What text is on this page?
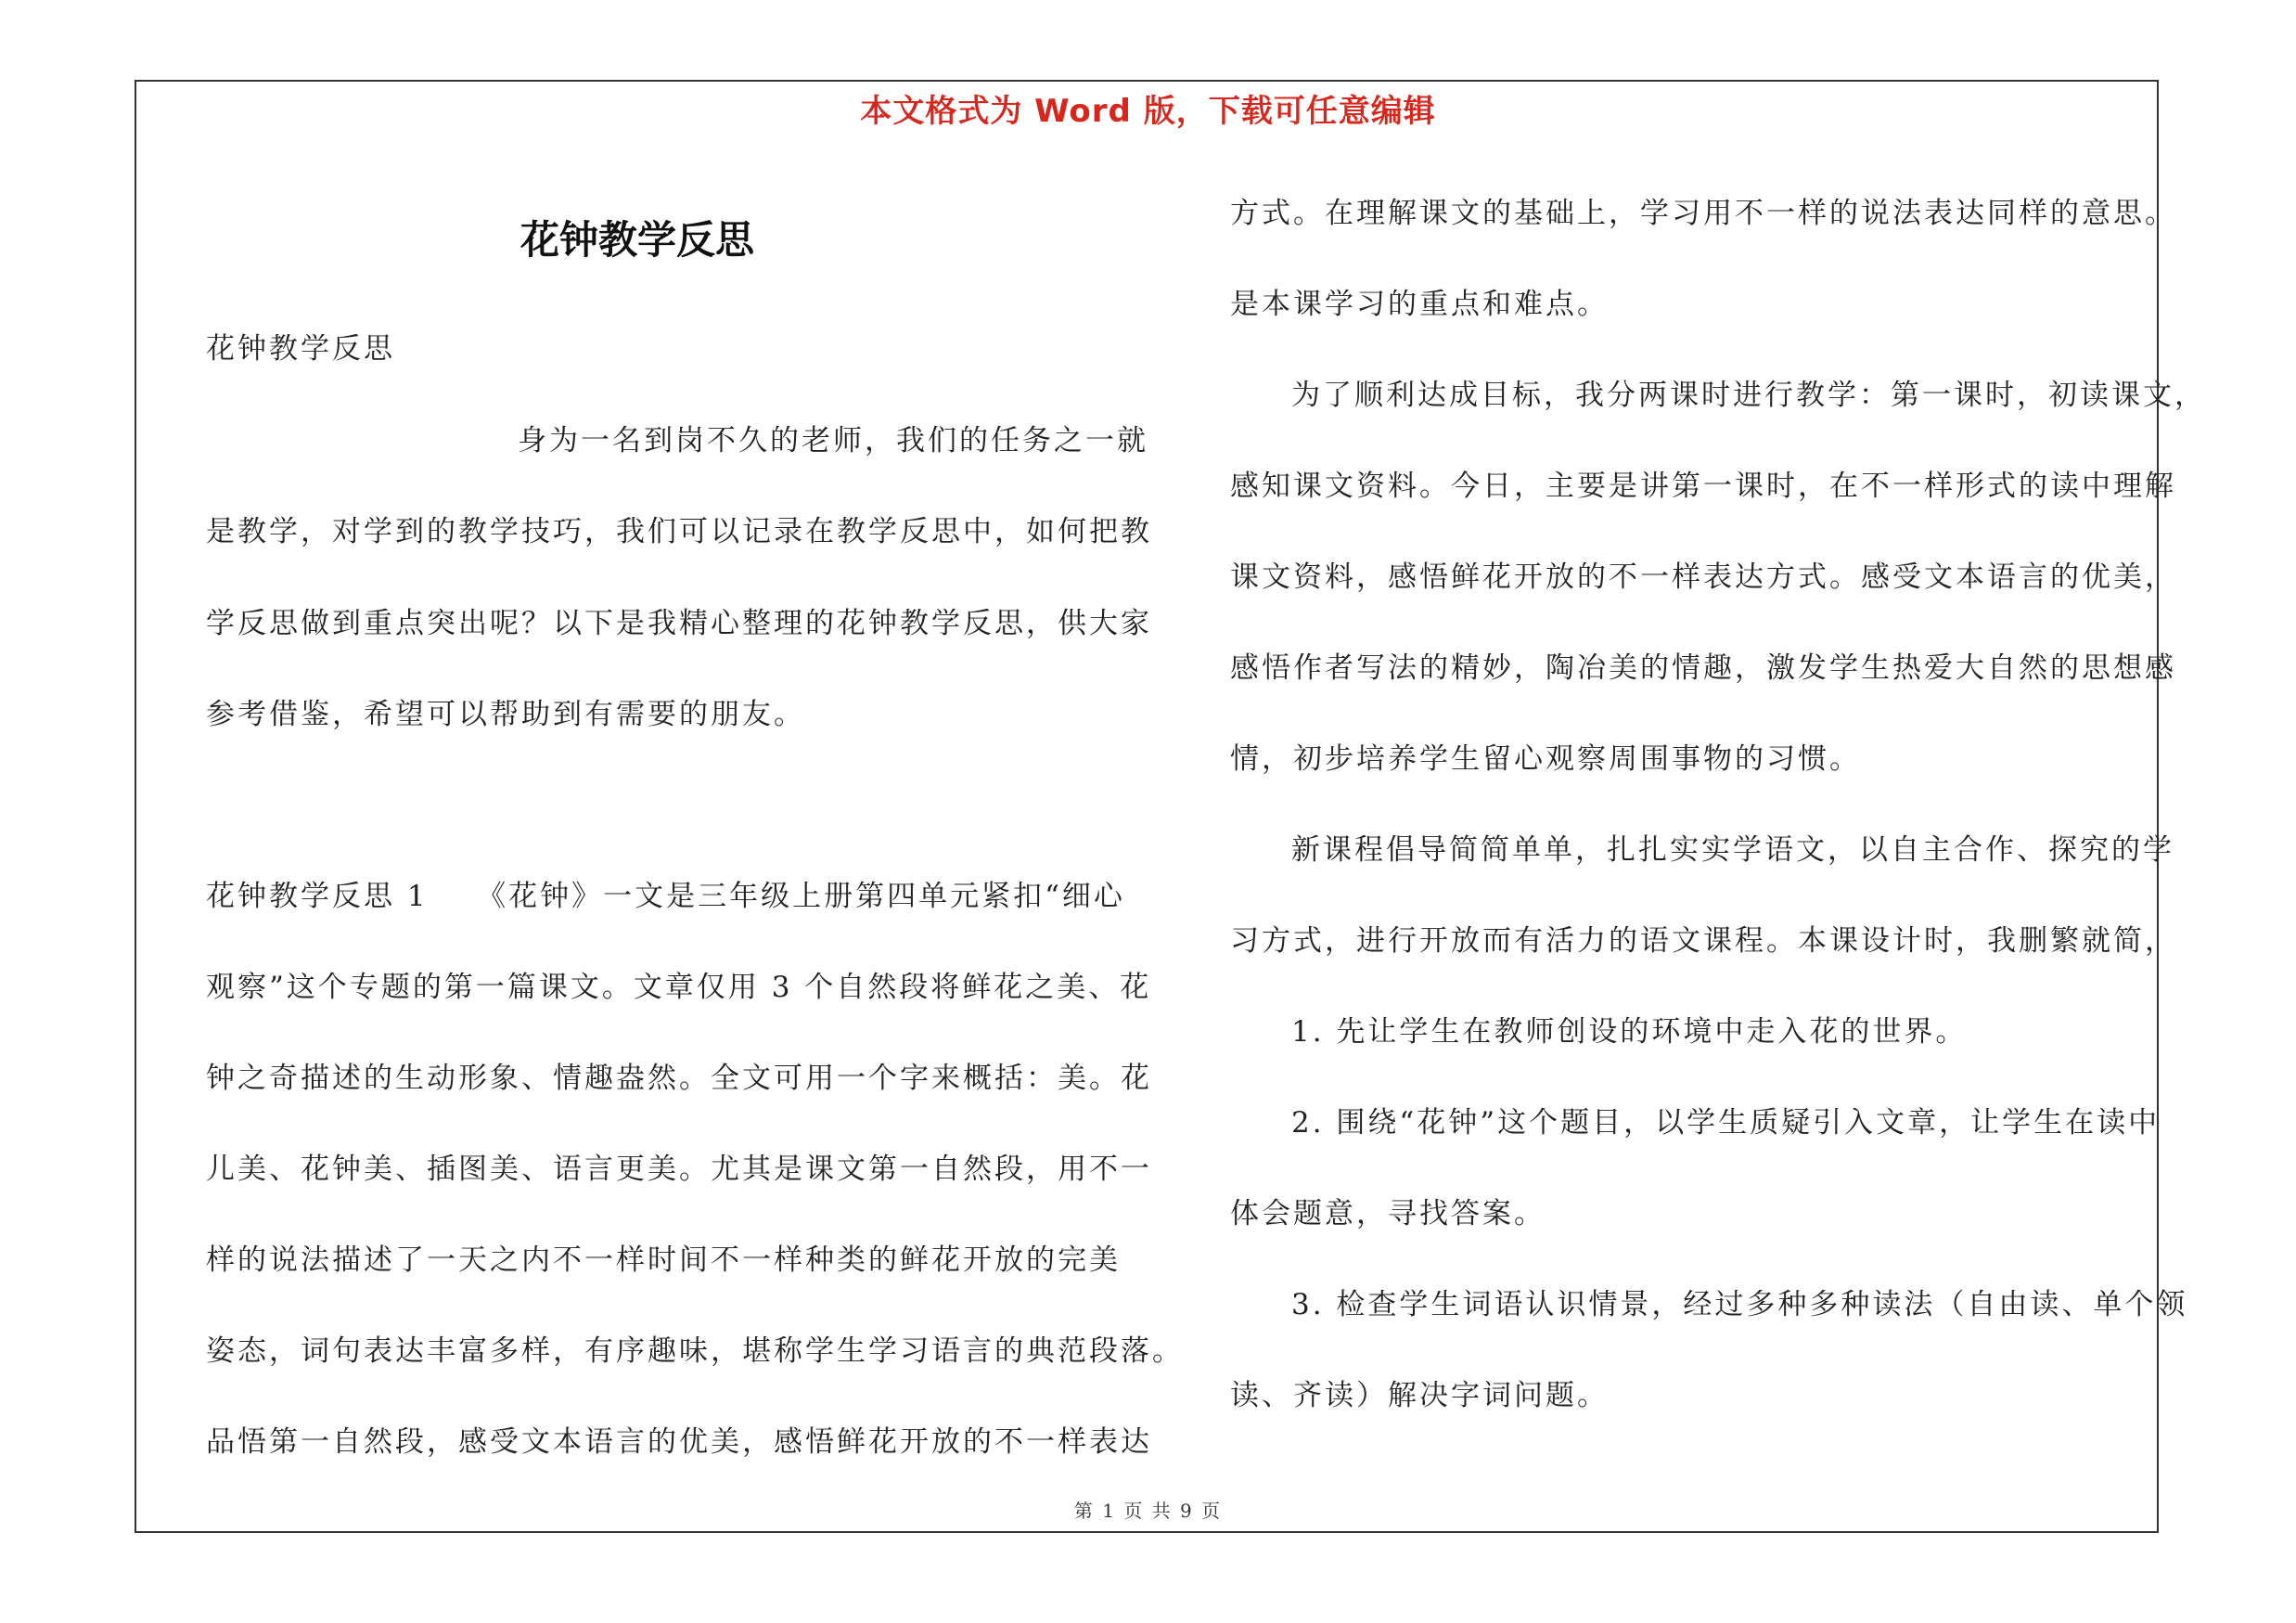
本文格式为 Word 版，下载可任意编辑
花钟教学反思
花钟教学反思
身为一名到岗不久的老师，我们的任务之一就
是教学，对学到的教学技巧，我们可以记录在教学反思中，如何把教
学反思做到重点突出呢？以下是我精心整理的花钟教学反思，供大家
参考借鉴，希望可以帮助到有需要的朋友。
花钟教学反思 1　　《花钟》一文是三年级上册第四单元紧扣“细心
观察”这个专题的第一篇课文。文章仅用 3 个自然段将鲜花之美、花
钟之奇描述的生动形象、情趣盎然。全文可用一个字来概括：美。花
儿美、花钟美、插图美、语言更美。尤其是课文第一自然段，用不一
样的说法描述了一天之内不一样时间不一样种类的鲜花开放的完美
姿态，词句表达丰富多样，有序趣味，堪称学生学习语言的典范段落。
品悟第一自然段，感受文本语言的优美，感悟鲜花开放的不一样表达
方式。在理解课文的基础上，学习用不一样的说法表达同样的意思。
是本课学习的重点和难点。
为了顺利达成目标，我分两课时进行教学：第一课时，初读课文，
感知课文资料。今日，主要是讲第一课时，在不一样形式的读中理解
课文资料，感悟鲜花开放的不一样表达方式。感受文本语言的优美，
感悟作者写法的精妙，陶冶美的情趣，激发学生热爱大自然的思想感
情，初步培养学生留心观察周围事物的习惯。
新课程倡导简简单单，扎扎实实学语文，以自主合作、探究的学
习方式，进行开放而有活力的语文课程。本课设计时，我删繁就简，
1. 先让学生在教师创设的环境中走入花的世界。
2. 围绕“花钟”这个题目，以学生质疑引入文章，让学生在读中
体会题意，寻找答案。
3. 检查学生词语认识情景，经过多种多种读法（自由读、单个领
读、齐读）解决字词问题。
第 1 页 共 9 页
